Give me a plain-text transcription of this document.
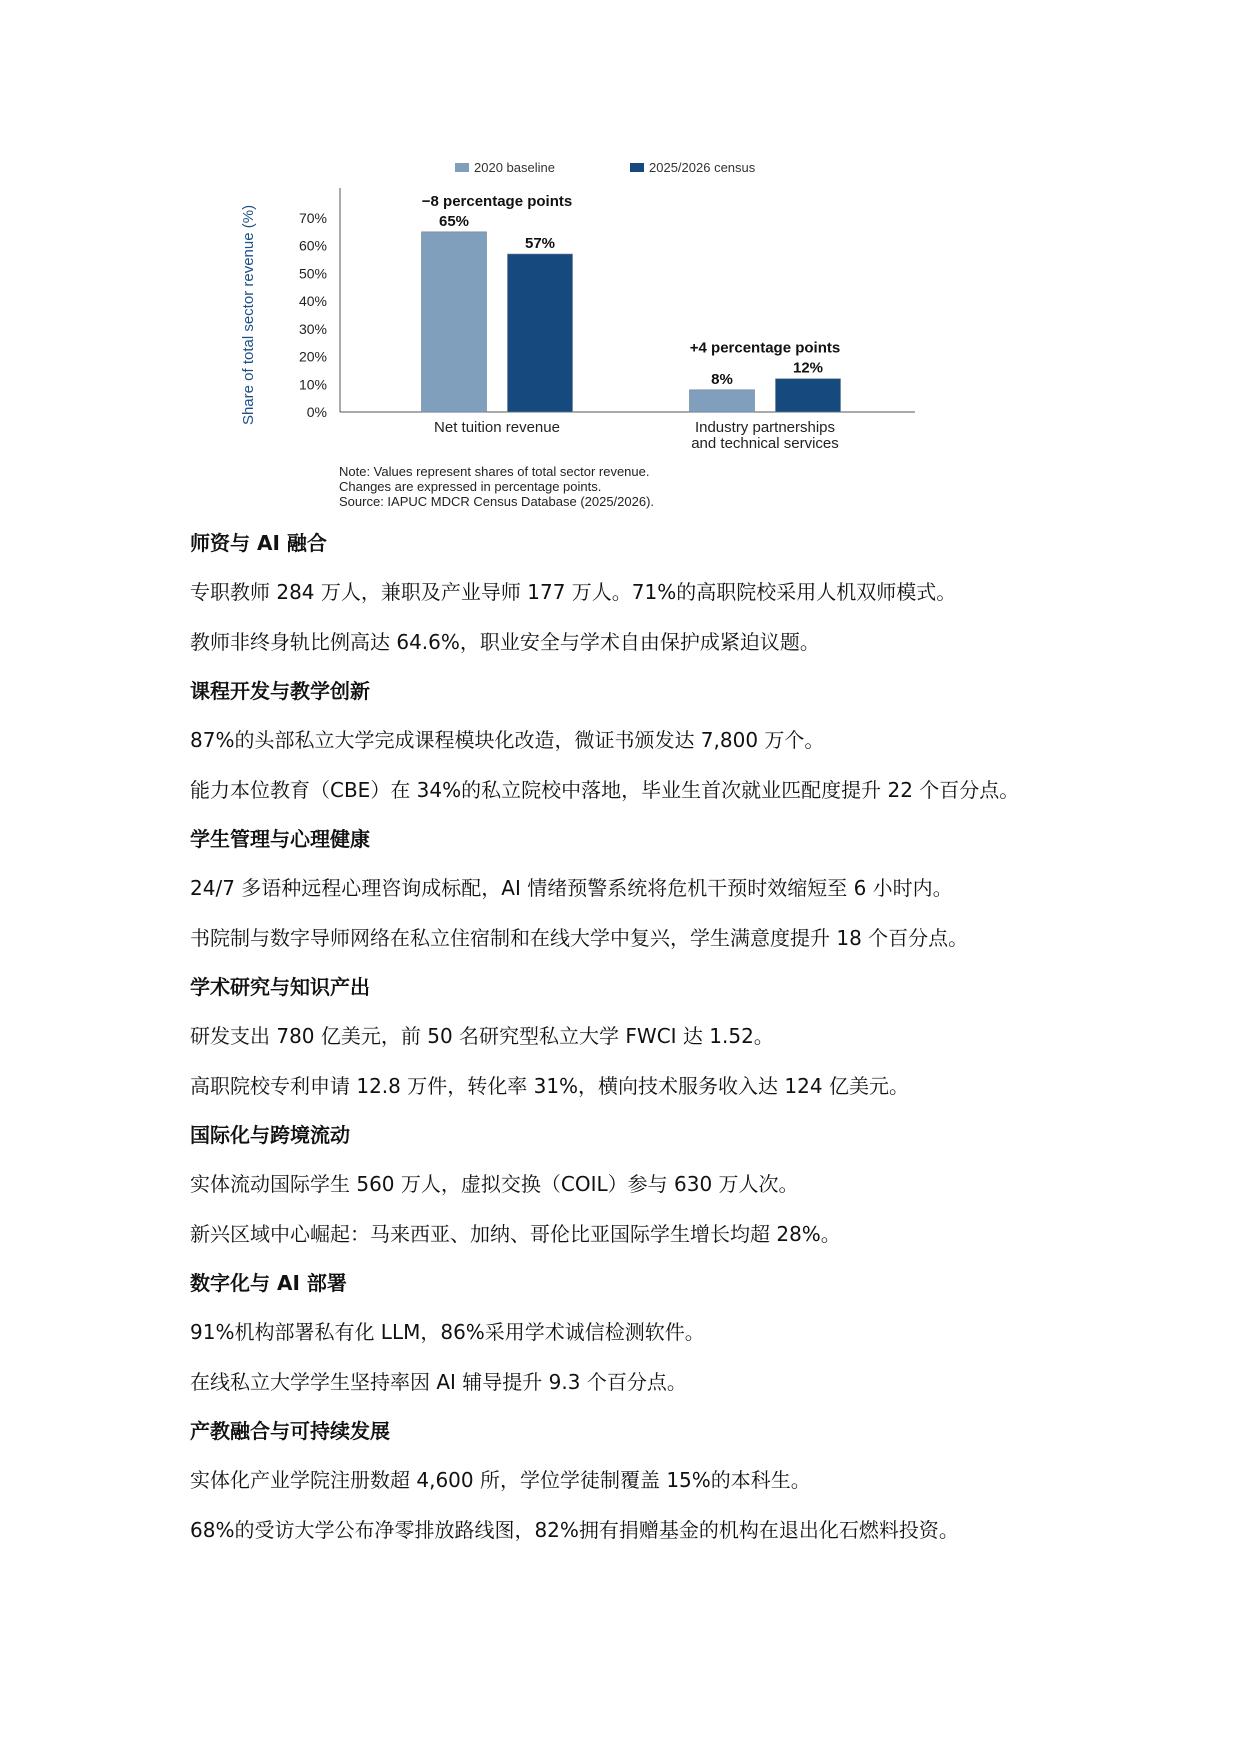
2020 baseline	2025/2026 census
Share of total sector revenue (%)	0%
10%
20%
30%
40%
50%
60%
70%	65%
57%
−8 percentage points
Net tuition revenue
8%
12%
+4 percentage points
Industry partnerships
and technical services
Note: Values represent shares of total sector revenue.
Changes are expressed in percentage points.
Source: IAPUC MDCR Census Database (2025/2026).
师资与 AI 融合

专职教师 284 万人，兼职及产业导师 177 万人。71%的高职院校采用人机双师模式。

教师非终身轨比例高达 64.6%，职业安全与学术自由保护成紧迫议题。

课程开发与教学创新

87%的头部私立大学完成课程模块化改造，微证书颁发达 7,800 万个。

能力本位教育（CBE）在 34%的私立院校中落地，毕业生首次就业匹配度提升 22 个百分点。

学生管理与心理健康

24/7 多语种远程心理咨询成标配，AI 情绪预警系统将危机干预时效缩短至 6 小时内。

书院制与数字导师网络在私立住宿制和在线大学中复兴，学生满意度提升 18 个百分点。

学术研究与知识产出

研发支出 780 亿美元，前 50 名研究型私立大学 FWCI 达 1.52。

高职院校专利申请 12.8 万件，转化率 31%，横向技术服务收入达 124 亿美元。

国际化与跨境流动

实体流动国际学生 560 万人，虚拟交换（COIL）参与 630 万人次。

新兴区域中心崛起：马来西亚、加纳、哥伦比亚国际学生增长均超 28%。

数字化与 AI 部署

91%机构部署私有化 LLM，86%采用学术诚信检测软件。

在线私立大学学生坚持率因 AI 辅导提升 9.3 个百分点。

产教融合与可持续发展

实体化产业学院注册数超 4,600 所，学位学徒制覆盖 15%的本科生。

68%的受访大学公布净零排放路线图，82%拥有捐赠基金的机构在退出化石燃料投资。
